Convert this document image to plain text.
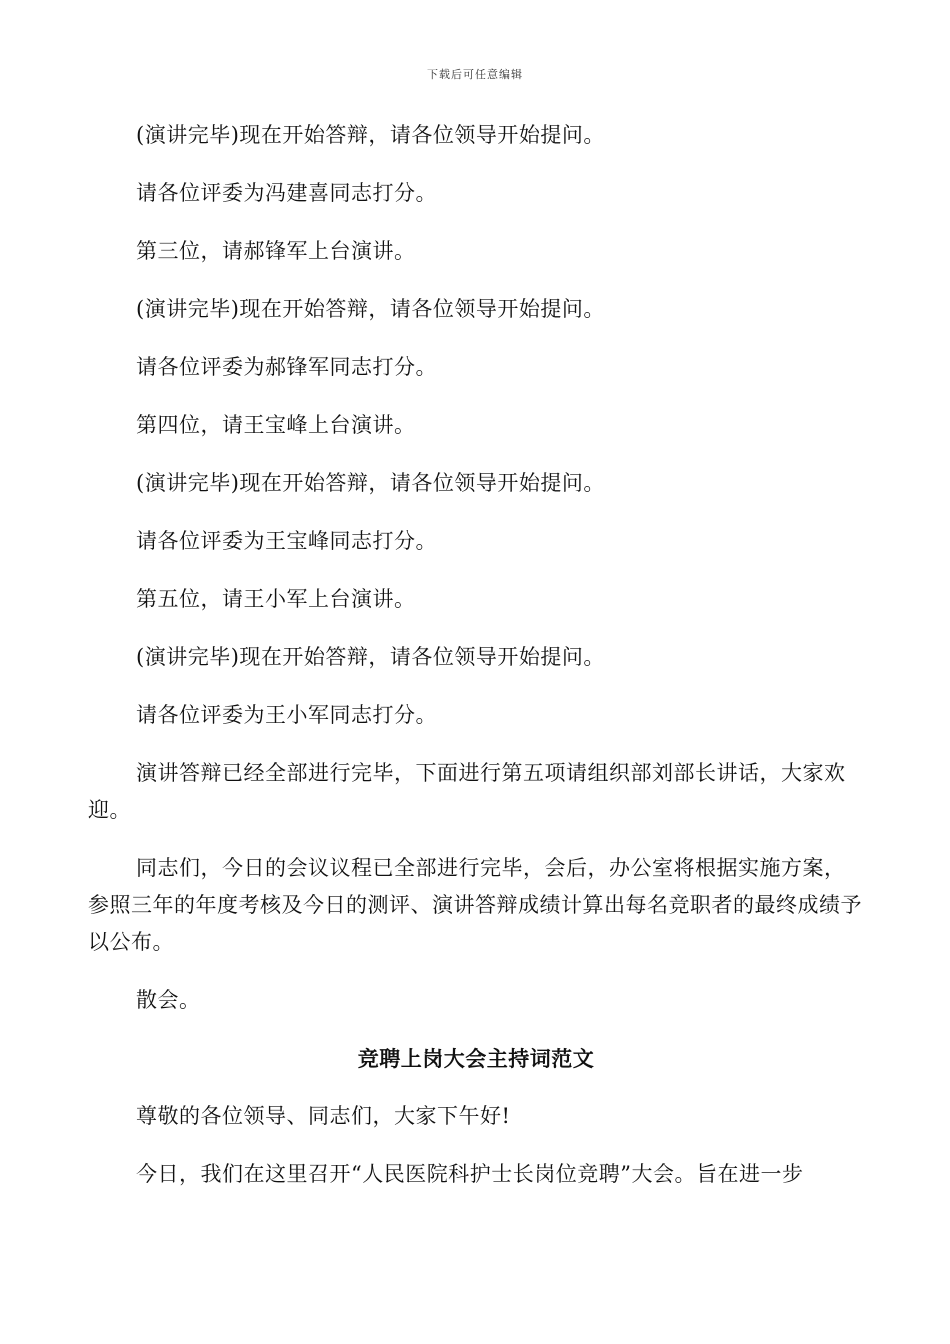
下载后可任意编辑

(演讲完毕)现在开始答辩，请各位领导开始提问。

请各位评委为冯建喜同志打分。

第三位，请郝锋军上台演讲。

(演讲完毕)现在开始答辩，请各位领导开始提问。

请各位评委为郝锋军同志打分。

第四位，请王宝峰上台演讲。

(演讲完毕)现在开始答辩，请各位领导开始提问。

请各位评委为王宝峰同志打分。

第五位，请王小军上台演讲。

(演讲完毕)现在开始答辩，请各位领导开始提问。

请各位评委为王小军同志打分。

演讲答辩已经全部进行完毕，下面进行第五项请组织部刘部长讲话，大家欢迎。

同志们，今日的会议议程已全部进行完毕，会后，办公室将根据实施方案，参照三年的年度考核及今日的测评、演讲答辩成绩计算出每名竞职者的最终成绩予以公布。

散会。

竞聘上岗大会主持词范文

尊敬的各位领导、同志们，大家下午好!

今日，我们在这里召开“人民医院科护士长岗位竞聘”大会。旨在进一步
